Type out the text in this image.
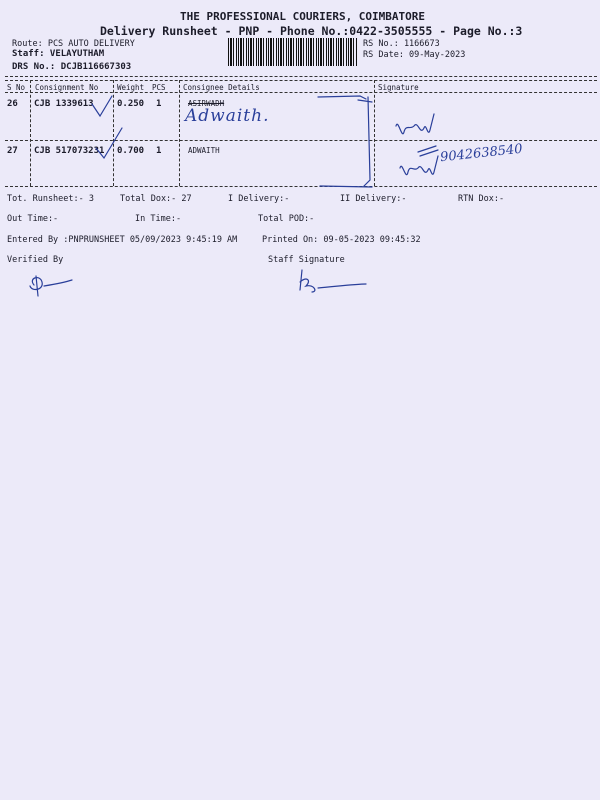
THE PROFESSIONAL COURIERS, COIMBATORE
Delivery Runsheet - PNP - Phone No.:0422-3505555 - Page No.:3
Route: PCS AUTO DELIVERY
Staff: VELAYUTHAM
DRS No.: DCJB116667303
RS No.: 1166673
RS Date: 09-May-2023
S No Consignment No	Weight PCS Consignee Details	Signature
26 CJB 1339613	0.250 1	ASIRWADH
Adwaith.
27 CJB 517073231 0.700 1	ADWAITH	9042638540
Tot. Runsheet:- 3	Total Dox:- 27	I Delivery:-	II Delivery:-	RTN Dox:-
Out Time:-	In Time:-	Total POD:-
Entered By :PNPRUNSHEET 05/09/2023 9:45:19 AM	Printed On: 09-05-2023 09:45:32
Verified By	Staff Signature
